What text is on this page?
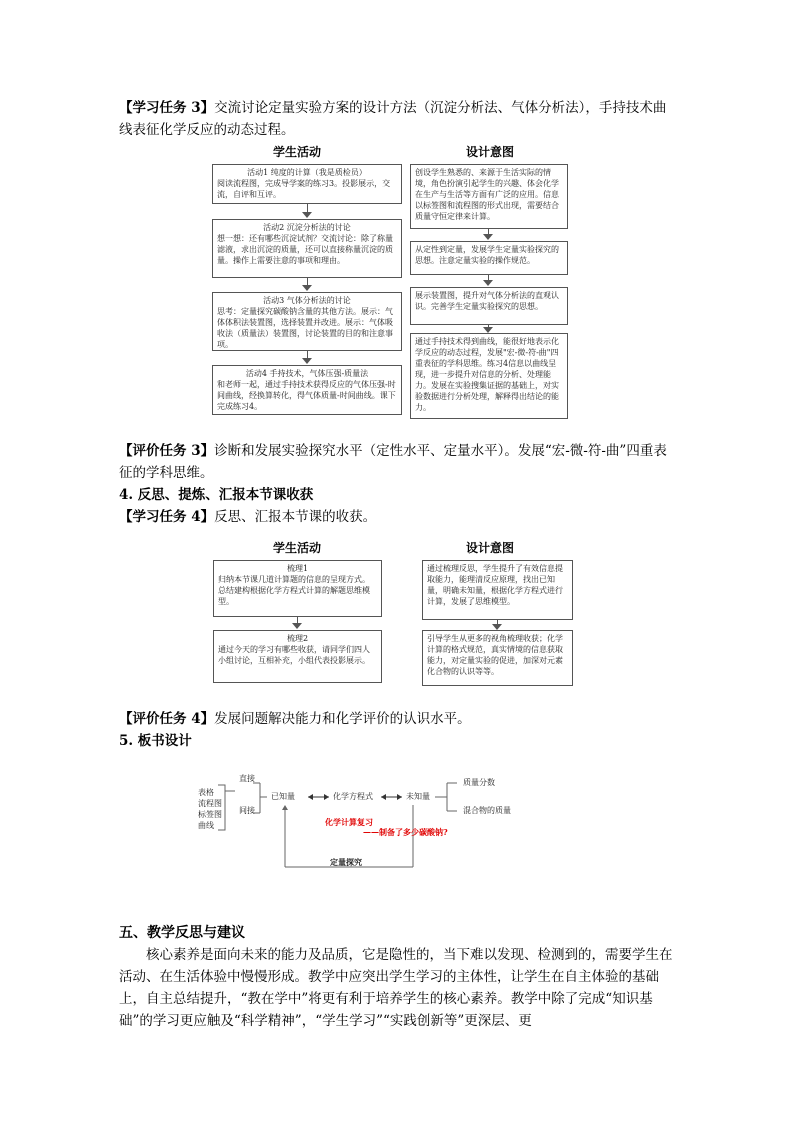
【学习任务 3】交流讨论定量实验方案的设计方法（沉淀分析法、气体分析法），手持技术曲线表征化学反应的动态过程。
学生活动	设计意图
活动1 纯度的计算（我是质检员）
阅读流程图，完成导学案的练习3。投影展示，交流，自评和互评。
活动2 沉淀分析法的讨论
想一想：还有哪些沉淀试剂？交流讨论：除了称量滤液，求出沉淀的质量，还可以直接称量沉淀的质量。操作上需要注意的事项和理由。
活动3 气体分析法的讨论
思考：定量探究碳酸钠含量的其他方法。展示：气体体积法装置图，选择装置并改进。展示：气体吸收法（质量法）装置图，讨论装置的目的和注意事项。
活动4 手持技术，气体压强-质量法
和老师一起，通过手持技术获得反应的气体压强-时间曲线，经换算转化，得气体质量-时间曲线。课下完成练习4。
创设学生熟悉的、来源于生活实际的情境，角色扮演引起学生的兴趣、体会化学在生产与生活等方面有广泛的应用。信息以标签图和流程图的形式出现，需要结合质量守恒定律来计算。
从定性到定量，发展学生定量实验探究的思想。注意定量实验的操作规范。
展示装置图，提升对气体分析法的直观认识。完善学生定量实验探究的思想。
通过手持技术得到曲线，能很好地表示化学反应的动态过程，发展"宏-微-符-曲"四重表征的学科思维。练习4信息以曲线呈现，进一步提升对信息的分析、处理能力。发展在实验搜集证据的基础上，对实验数据进行分析处理，解释得出结论的能力。
【评价任务 3】诊断和发展实验探究水平（定性水平、定量水平）。发展“宏-微-符-曲”四重表征的学科思维。
4. 反思、提炼、汇报本节课收获
【学习任务 4】反思、汇报本节课的收获。
学生活动	设计意图
梳理1
归纳本节课几道计算题的信息的呈现方式。总结建构根据化学方程式计算的解题思维模型。
梳理2
通过今天的学习有哪些收获，请同学们四人小组讨论，互相补充，小组代表投影展示。
通过梳理反思，学生提升了有效信息提取能力，能理清反应原理，找出已知量，明确未知量，根据化学方程式进行计算，发展了思维模型。
引导学生从更多的视角梳理收获；化学计算的格式规范，真实情境的信息获取能力，对定量实验的促进，加深对元素化合物的认识等等。
【评价任务 4】发展问题解决能力和化学评价的认识水平。
5. 板书设计
表格
流程图
标签图
曲线
直接
间接
已知量	化学方程式	未知量
质量分数
混合物的质量
化学计算复习
——制备了多少碳酸钠?
定量探究
五、教学反思与建议
核心素养是面向未来的能力及品质，它是隐性的，当下难以发现、检测到的，需要学生在活动、在生活体验中慢慢形成。教学中应突出学生学习的主体性，让学生在自主体验的基础上，自主总结提升，“教在学中”将更有利于培养学生的核心素养。教学中除了完成“知识基础”的学习更应触及“科学精神”，“学生学习”“实践创新等”更深层、更
